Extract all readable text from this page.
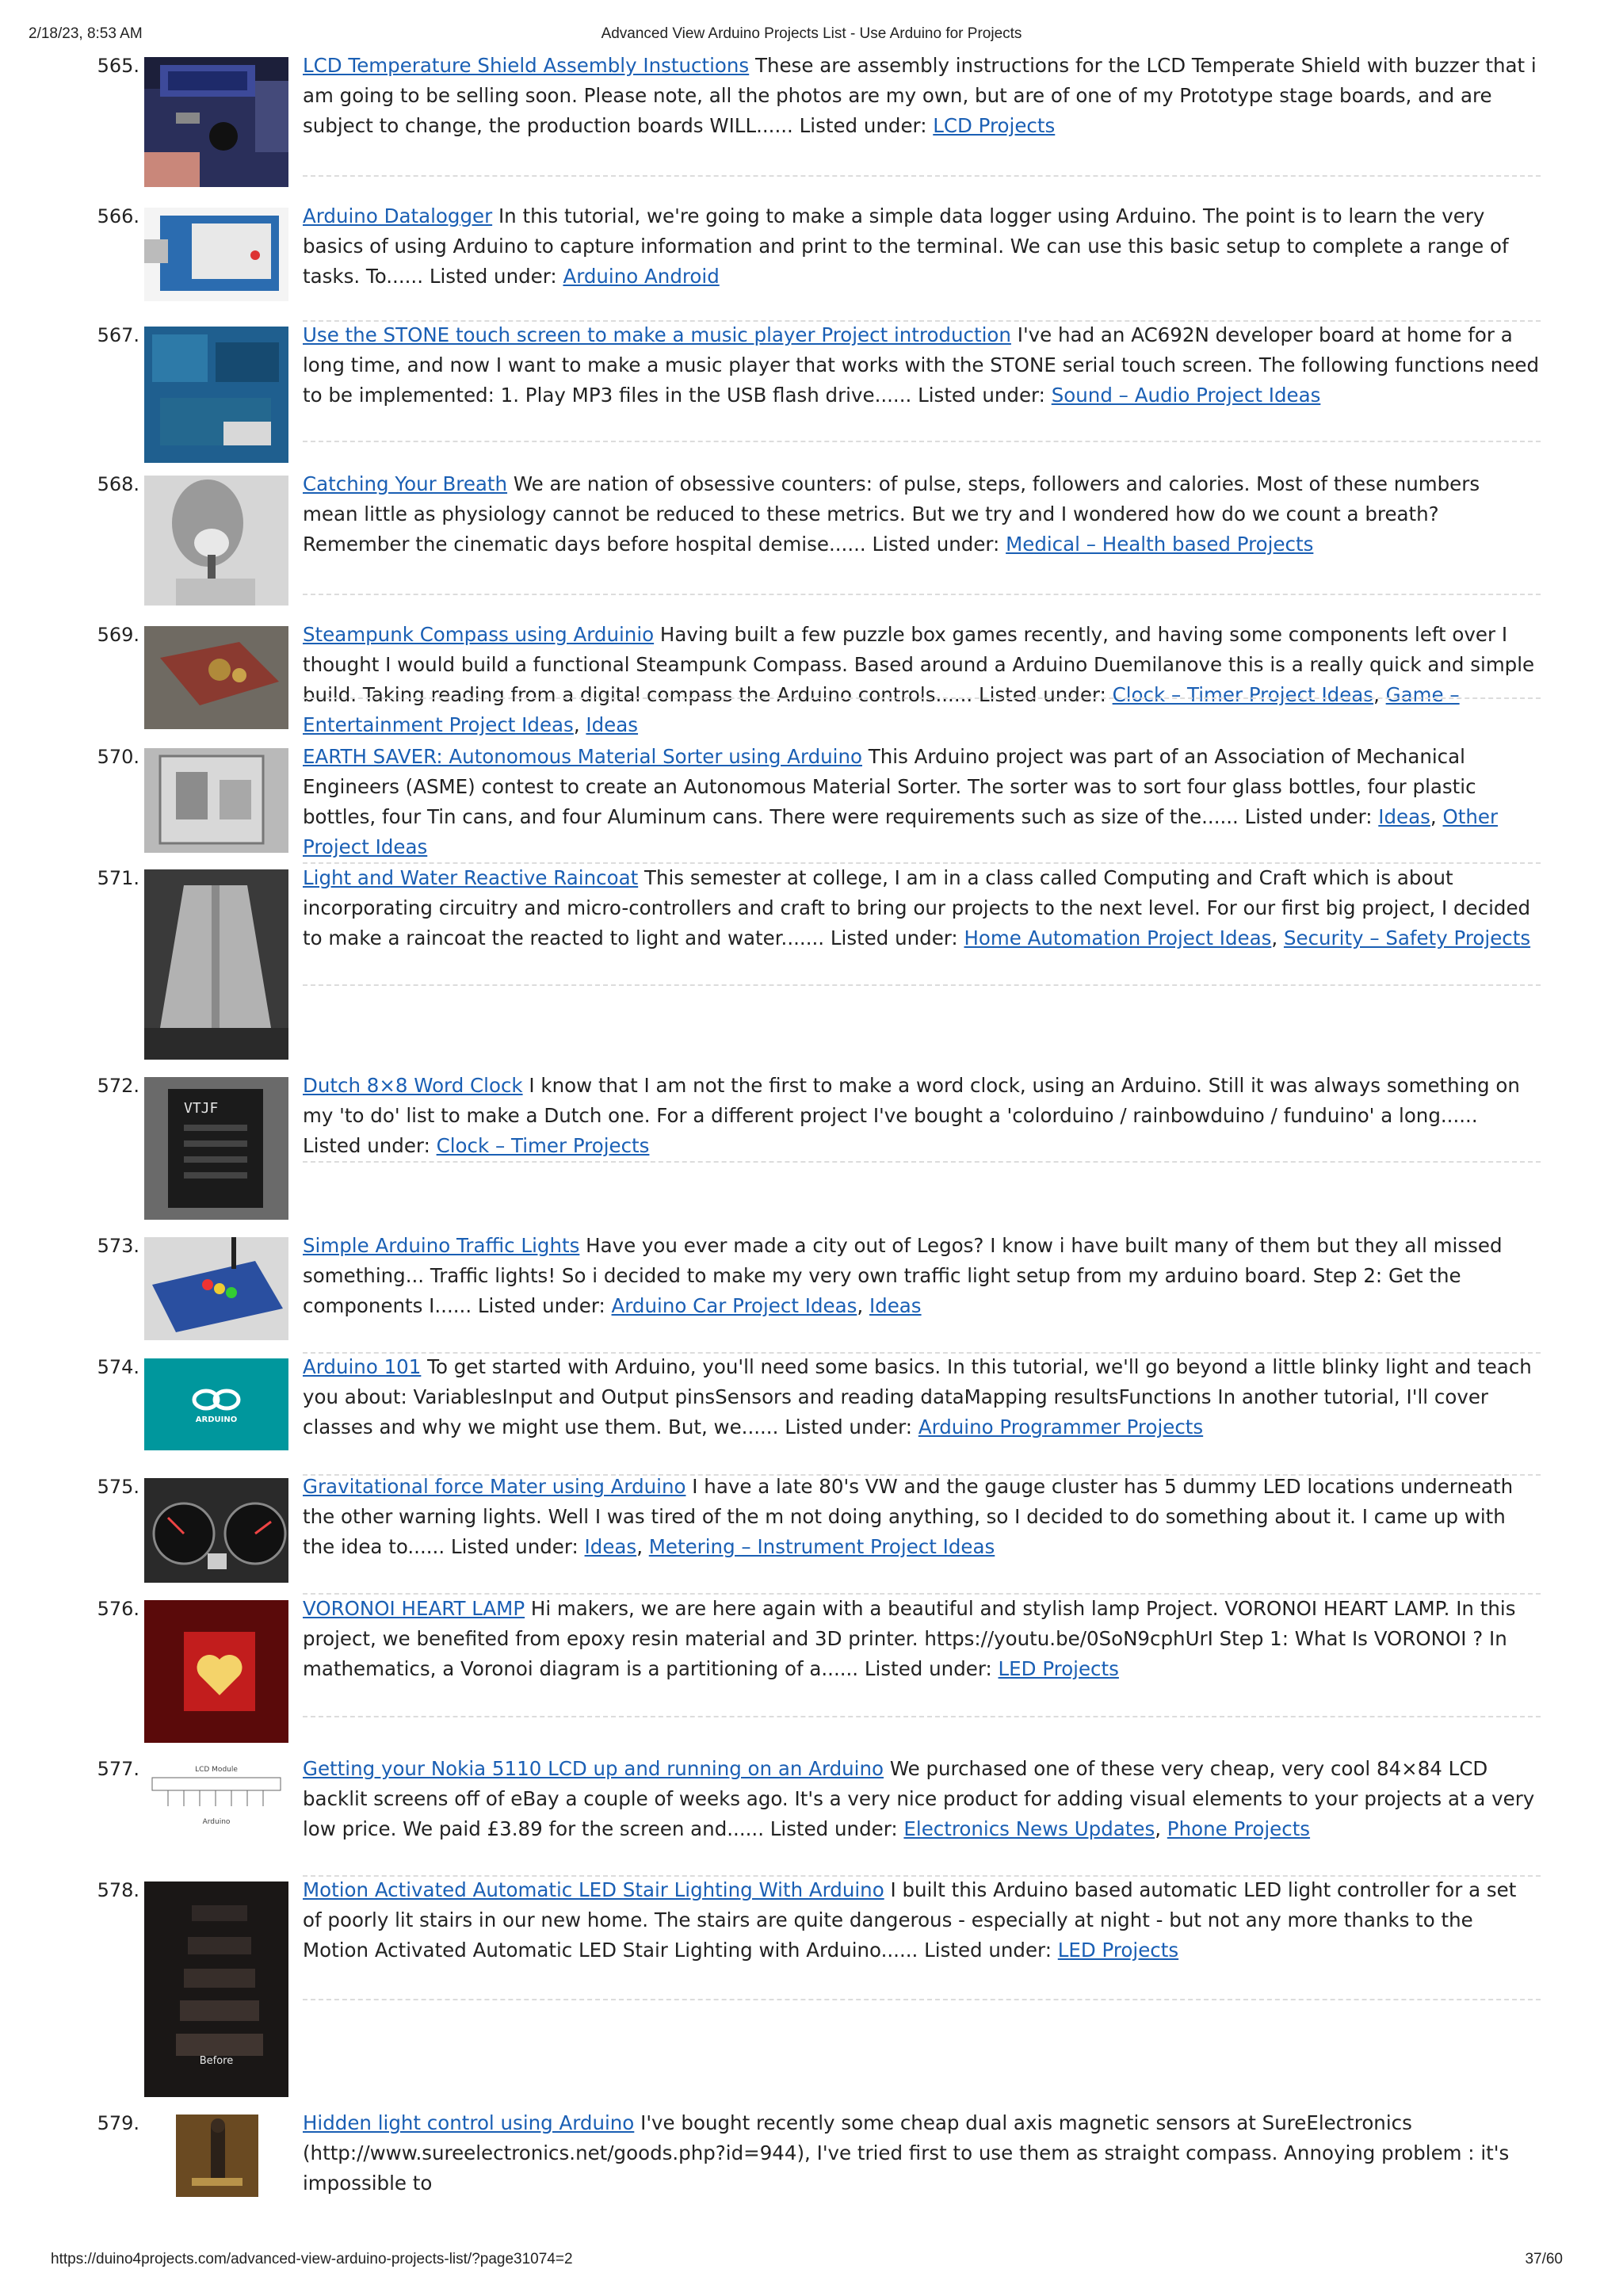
2/18/23, 8:53 AM	Advanced View Arduino Projects List - Use Arduino for Projects
565.	LCD Temperature Shield Assembly Instuctions These are assembly instructions for the LCD Temperate Shield with buzzer that i am going to be selling soon. Please note, all the photos are my own, but are of one of my Prototype stage boards, and are subject to change, the production boards WILL...... Listed under: LCD Projects
566.	Arduino Datalogger In this tutorial, we're going to make a simple data logger using Arduino. The point is to learn the very basics of using Arduino to capture information and print to the terminal. We can use this basic setup to complete a range of tasks. To...... Listed under: Arduino Android
567.	Use the STONE touch screen to make a music player Project introduction I've had an AC692N developer board at home for a long time, and now I want to make a music player that works with the STONE serial touch screen. The following functions need to be implemented: 1. Play MP3 files in the USB flash drive...... Listed under: Sound – Audio Project Ideas
568.	Catching Your Breath We are nation of obsessive counters: of pulse, steps, followers and calories. Most of these numbers mean little as physiology cannot be reduced to these metrics. But we try and I wondered how do we count a breath? Remember the cinematic days before hospital demise...... Listed under: Medical – Health based Projects
569.	Steampunk Compass using Arduinio Having built a few puzzle box games recently, and having some components left over I thought I would build a functional Steampunk Compass. Based around a Arduino Duemilanove this is a really quick and simple build. Taking reading from a digital compass the Arduino controls...... Listed under: Clock – Timer Project Ideas, Game – Entertainment Project Ideas, Ideas
570.	EARTH SAVER: Autonomous Material Sorter using Arduino This Arduino project was part of an Association of Mechanical Engineers (ASME) contest to create an Autonomous Material Sorter. The sorter was to sort four glass bottles, four plastic bottles, four Tin cans, and four Aluminum cans. There were requirements such as size of the...... Listed under: Ideas, Other Project Ideas
571.	Light and Water Reactive Raincoat This semester at college, I am in a class called Computing and Craft which is about incorporating circuitry and micro-controllers and craft to bring our projects to the next level. For our first big project, I decided to make a raincoat the reacted to light and water....... Listed under: Home Automation Project Ideas, Security – Safety Projects
572.
VTJF
Dutch 8×8 Word Clock I know that I am not the first to make a word clock, using an Arduino. Still it was always something on my 'to do' list to make a Dutch one. For a different project I've bought a 'colorduino / rainbowduino / funduino' a long...... Listed under: Clock – Timer Projects
573.	Simple Arduino Traffic Lights Have you ever made a city out of Legos? I know i have built many of them but they all missed something... Traffic lights! So i decided to make my very own traffic light setup from my arduino board. Step 2: Get the components I...... Listed under: Arduino Car Project Ideas, Ideas
574.
ARDUINO
Arduino 101 To get started with Arduino, you'll need some basics. In this tutorial, we'll go beyond a little blinky light and teach you about: VariablesInput and Output pinsSensors and reading dataMapping resultsFunctions In another tutorial, I'll cover classes and why we might use them. But, we...... Listed under: Arduino Programmer Projects
575.	Gravitational force Mater using Arduino I have a late 80's VW and the gauge cluster has 5 dummy LED locations underneath the other warning lights. Well I was tired of the m not doing anything, so I decided to do something about it. I came up with the idea to...... Listed under: Ideas, Metering – Instrument Project Ideas
576.	VORONOI HEART LAMP Hi makers, we are here again with a beautiful and stylish lamp Project. VORONOI HEART LAMP. In this project, we benefited from epoxy resin material and 3D printer. https://youtu.be/0SoN9cphUrI Step 1: What Is VORONOI ? In mathematics, a Voronoi diagram is a partitioning of a...... Listed under: LED Projects
577.	LCD Module
Arduino
Getting your Nokia 5110 LCD up and running on an Arduino We purchased one of these very cheap, very cool 84×84 LCD backlit screens off of eBay a couple of weeks ago. It's a very nice product for adding visual elements to your projects at a very low price. We paid £3.89 for the screen and...... Listed under: Electronics News Updates, Phone Projects
578.
Before
Motion Activated Automatic LED Stair Lighting With Arduino I built this Arduino based automatic LED light controller for a set of poorly lit stairs in our new home. The stairs are quite dangerous - especially at night - but not any more thanks to the Motion Activated Automatic LED Stair Lighting with Arduino...... Listed under: LED Projects
579.	Hidden light control using Arduino I've bought recently some cheap dual axis magnetic sensors at SureElectronics (http://www.sureelectronics.net/goods.php?id=944), I've tried first to use them as straight compass. Annoying problem : it's impossible to
https://duino4projects.com/advanced-view-arduino-projects-list/?page31074=2	37/60
